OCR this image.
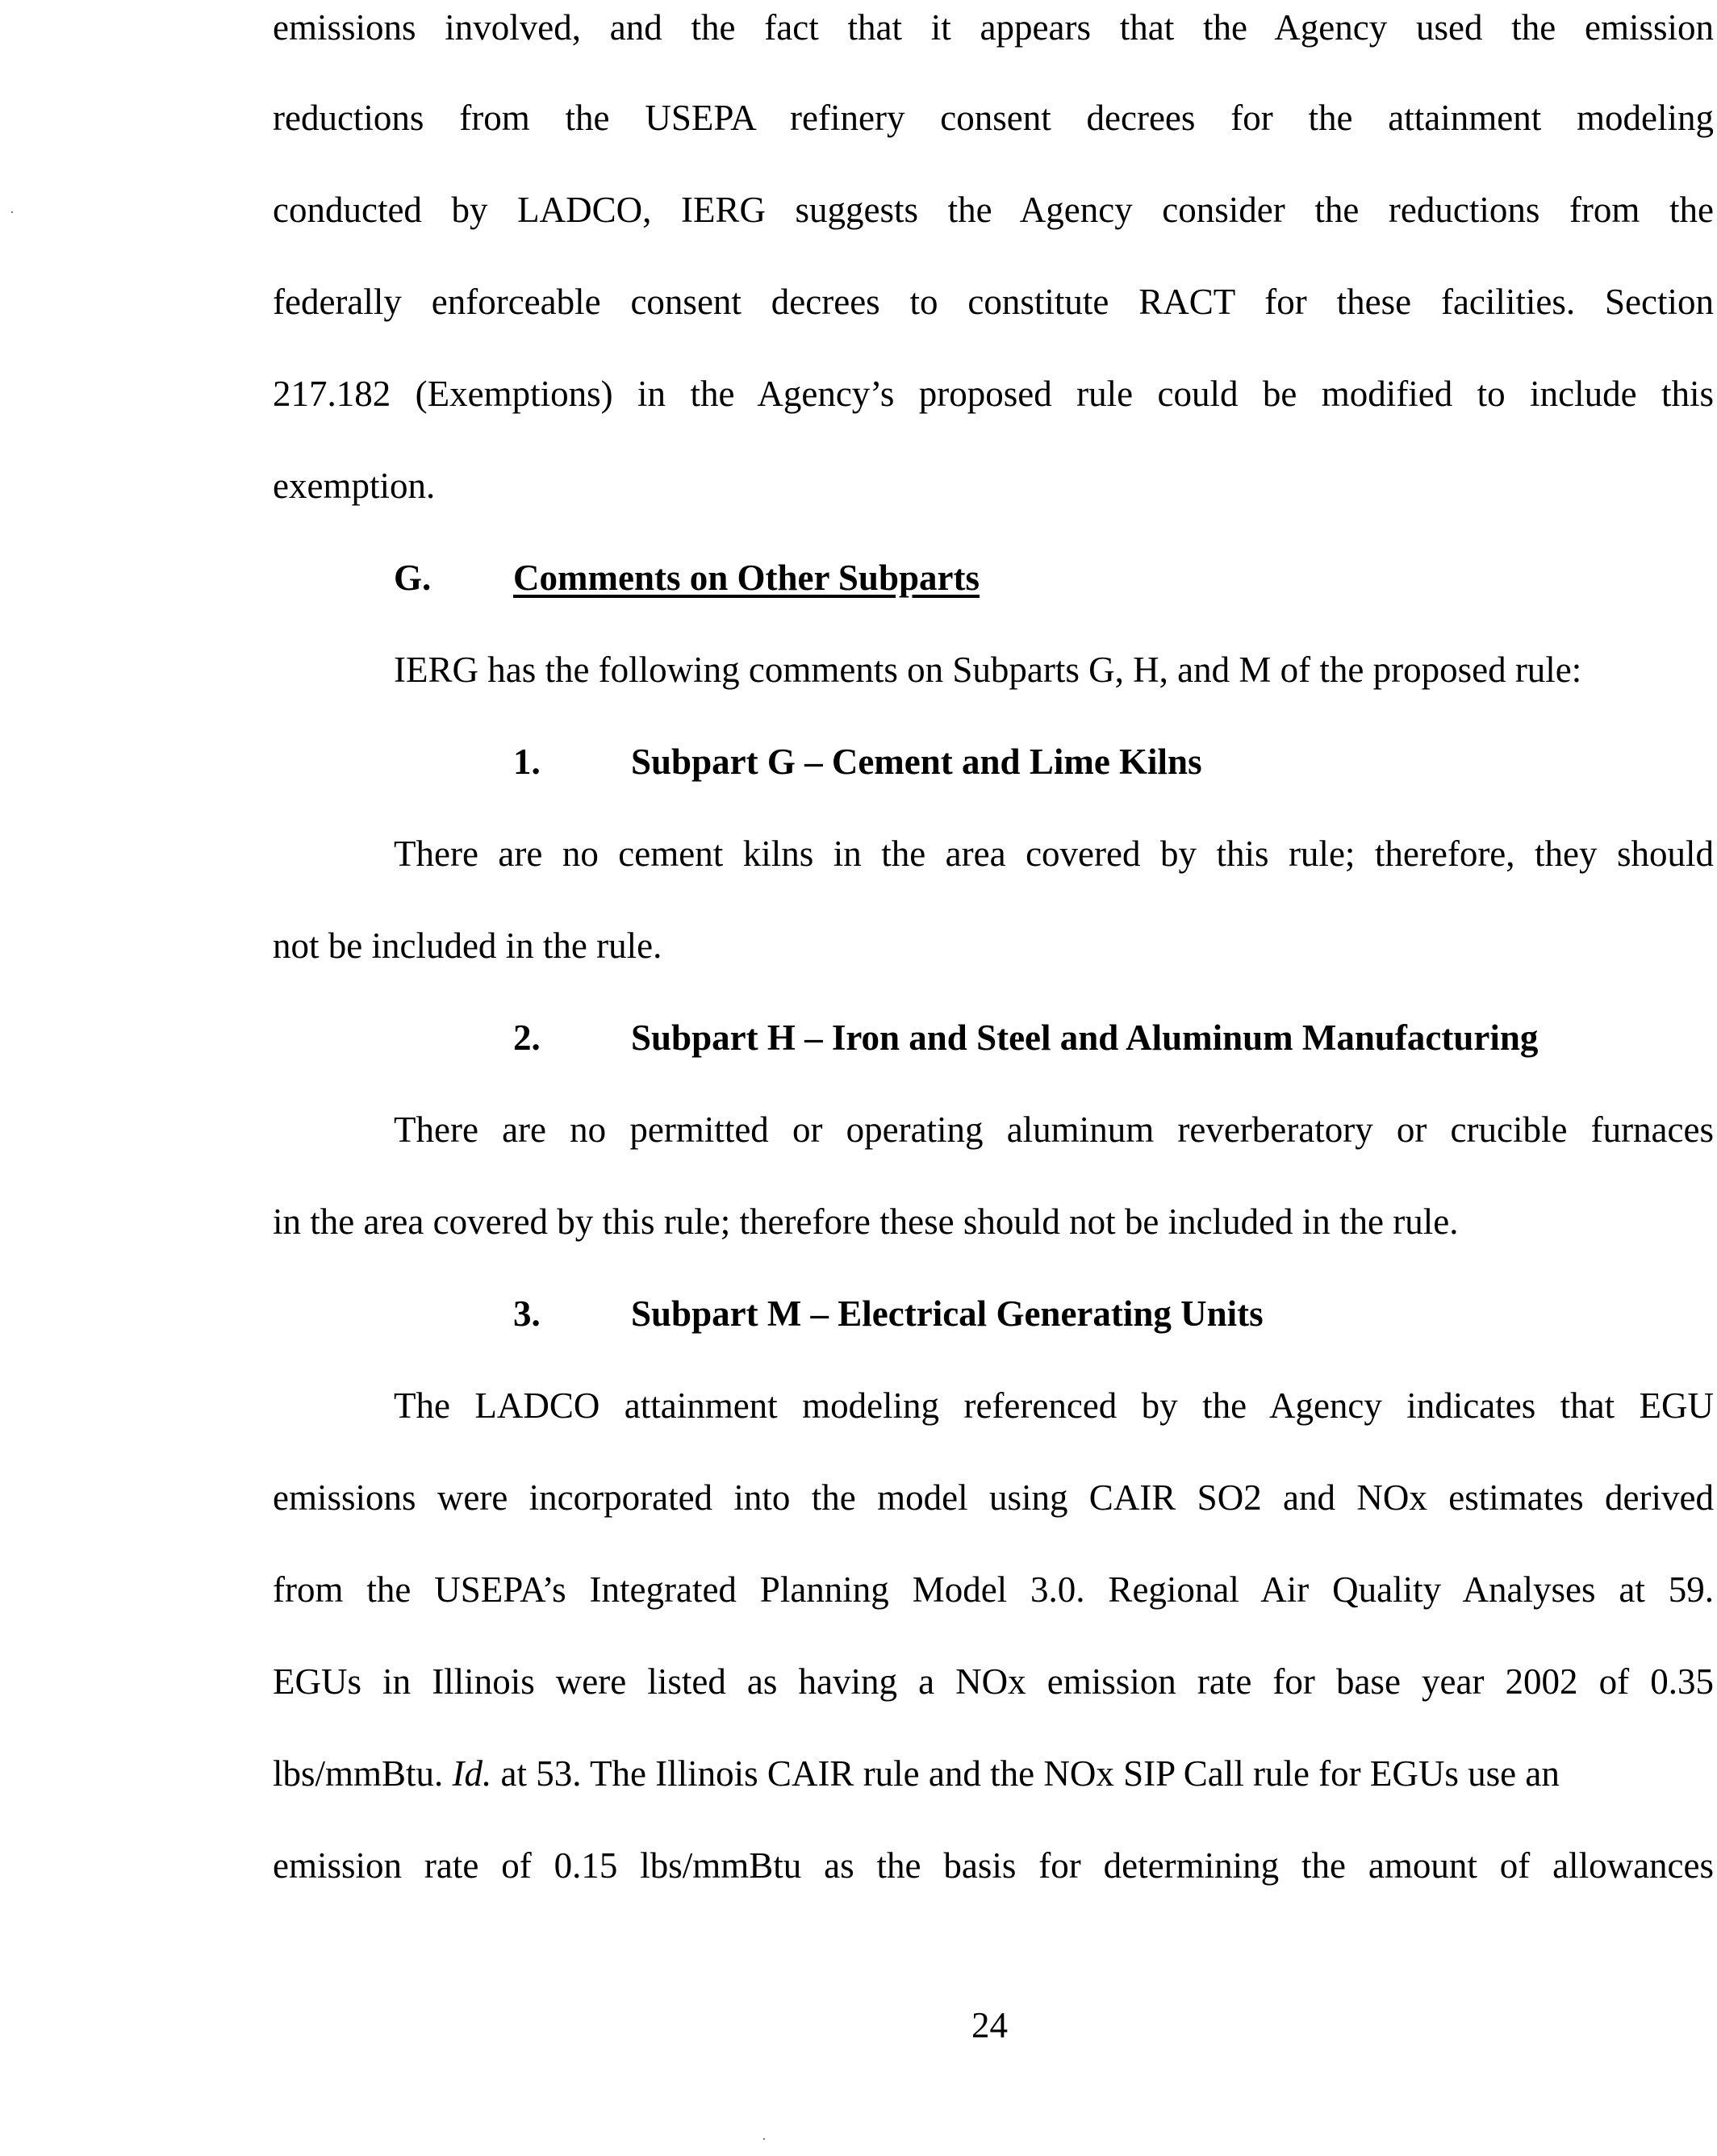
emissions involved, and the fact that it appears that the Agency used the emission
reductions from the USEPA refinery consent decrees for the attainment modeling
conducted by LADCO, IERG suggests the Agency consider the reductions from the
federally enforceable consent decrees to constitute RACT for these facilities. Section
217.182 (Exemptions) in the Agency’s proposed rule could be modified to include this
exemption.
G. Comments on Other Subparts
IERG has the following comments on Subparts G, H, and M of the proposed rule:
1. Subpart G – Cement and Lime Kilns
There are no cement kilns in the area covered by this rule; therefore, they should
not be included in the rule.
2. Subpart H – Iron and Steel and Aluminum Manufacturing
There are no permitted or operating aluminum reverberatory or crucible furnaces
in the area covered by this rule; therefore these should not be included in the rule.
3. Subpart M – Electrical Generating Units
The LADCO attainment modeling referenced by the Agency indicates that EGU
emissions were incorporated into the model using CAIR SO2 and NOx estimates derived
from the USEPA’s Integrated Planning Model 3.0. Regional Air Quality Analyses at 59.
EGUs in Illinois were listed as having a NOx emission rate for base year 2002 of 0.35
lbs/mmBtu. Id. at 53. The Illinois CAIR rule and the NOx SIP Call rule for EGUs use an
emission rate of 0.15 lbs/mmBtu as the basis for determining the amount of allowances
24
